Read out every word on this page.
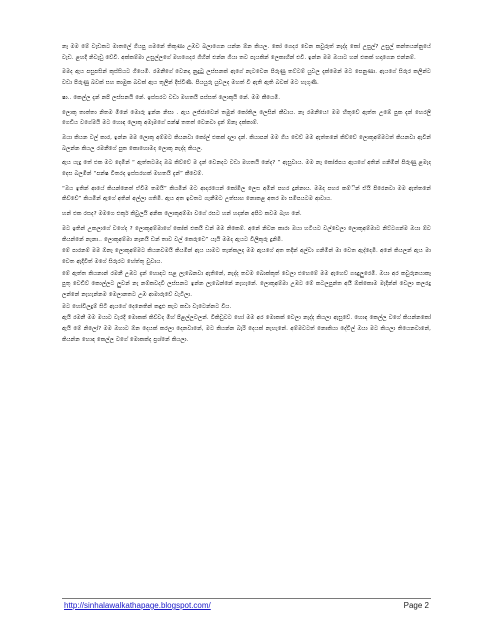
නෑ මම මේ වැඩකට මාතලේ ගියපු ගමනේ තිකුණා උඹව බලාගෙන යන්න ඕන කියල. කෝ ගෙදර වෙන කවුරුත් නැද්ද කෝ උසුල්? උසුල් කන්තයන්නුයේ වැඩ. ළහදී නිවැඩු වේවි. අක්කම්මා උසුල්ලගේ මහගෙදර ගිහින් එන්න ගියා තව පැයකින් ලෙකාහින් එවි. ඉන්න මම ඔයාට හන් එකක් හදාගෙන එන්නම්.

මමද ඇය පසුපසින් කුස්සියට ගියෙමි. රමනීගේ වෙනදා නුදුටු ලස්සනක් ඇගේ නැටවෙන පිරුණු තට්ටම් යුවල දැක්මෙන් මට පෙනුණා. ඇයගේ සිරුර කලින්ට වඩා පිරුණු බවක් සහ කාමුක බවක් ඇය තුලින් දිස්විණි. පියයුරු යුවලද මහත් වී ඇති ඇති බවක් මට හැගුණි.

ෂා.. කෙල්ල දැන් නපි ලස්සනයි නේ. ඉස්සරට වඩා මහතයි පස්සත් ලොකුයි නේ. මම කීයෙමි.

ලොකු තාත්තා නිතම මිනේ මොරු ඉන්න නිසා . ඇය ලජ්ජාවෙන් තමුන් කෝතිල ලෙසින් කීවාය. නෑ රමනීයෙ! මම හිතුවේ ඇත්ත උඹේ පුක දැන් හෙරලි ගෙඩිය වගේමයි මට හොඳ ලොකු අමෑමගේ පන්ෂ් තතත් වෙනවා දැන් ඕනෑ දක්කාම්.

ඔයා කියන වල් කාර, ඉන්න මම ලොකු අම්මට කියනවා කෝල් එකක් දාලා දැන්. කියාපන් මම ගිය චෙච් මම ඇත්තනේ කිව්වේ ලොකුඅම්මටත් කියනවා ඇවින් බලන්න කියල රමනීගේ පුක කොහොමද ලොකු නැද්ද කියල.

ඇය යැදු තේ එක මට දෙමින් “ ඇත්තටමද ඔබ කිව්වේ ම දැන් වෙනදට වඩා මහතයි නේද? ” ඇසුවාය. මම නෑ කෝජ්පය ඇයගේ අතින් ගනිමින් පිරුණු ළමැද දෙස බලමින් “පන්ෂ විතරද ඉස්සරහක් මහතයි දැන්” කීවෙම්.

“ඔය ඉතින් ආයේ කියන්නෙත් ඒවිම තමයි” කියමින් මට ආදරයෙන් කෝමිල ලෙස අමින් පහර දුන්නාය. මමද පහර කම්ින් ඒයි පිරෙනවා මම ඇත්තනේ කිව්වේ” කියමින් ඇගේ අතින් අල්ලා ගතිමි. ඇය අත ඉවතට ගැනීමට උත්සාහ නොකළ අතර මා සමීපයටම ආවාය.

හන් එක රසද? මමගෙ එකුර් කිවුලයි අනික ලොකුඅම්මා වගේ රසට හන් හදන්න අපිට කවම බැහ නේ.

මට ඉතින් උකලාගේ වගේද ? ලොකුඅම්මාගේ කෝක් එකයි ඩන් මම නිකෙම්. අනේ නිවන කාරා ඔයා හටියට වල්වෙලා ලොකුඅම්මාට නිට්ටගන්ම ඔයා ඕව කියන්නේ නැනා.. ලොකුඅම්මා නෑනයි ඩන් තාව වල් කෙරුවෙ” යැයි මමද ඇයට විලිකුරු දුනිමි.

මේ පාරනම් මම ඕනෑ ලොකුඅම්මට කියනවමයි කියමින් ඇය යාමට තැන්කලද මම ඇයගේ අත තදින් අල්වා ගනිමින් මා වෙත ඇද්දෙමි. අනේ කියලන් ඇය මා වෙත ඇදිවීත් මගේ සිරුරට හේත්තු වුවාය.

මේ ඇත්ත කියනාන් රමනී උඹට දැන් හොඳට සළ ලැබෙනවා ඇතිනේ, නැද්ද තවම බොක්කුත් වෙලා එහෙමේ මම ඇහෙව් ගඥුලුරෙමි. ඔයා අර කවුරුනයාකෑ පුතු වෙඩිව් කොල්ලට ලුවන් නැ නම්කවදවී ලස්සනට ඉන්න ලැබෙන්නේ නැහැනේ. ලොකුඅම්මා උඹට මේ කටලපුන්ත අයී ඕක්කොම මැදින්න් වෙලා කලරදු ලන්නේ නැහැන්නම මෙලානතට උඹ ආමාරුවේ වැටිලා.

මට හෝවිලදුම් සිටි ඇයගේ දෙනෙතින් කඳුළු කැට කඩා වැටෙන්නට විය.

ඇයි රමනී මම මයාට වැරදි මොකක් කිව්වද මිහ් පිළල්ලවලන්. විකිඩුවට හෝ මම අර මොකක් වෙලා නැද්ද කියලා ඇසුවේ. හොඳ කෙල්ල වගේ කියන්නකෝ ඇයි මේ නිලෝ? මම ඔහාට ඕන දෙයක් කරලා දෙනවානේ, මට කියන්න බැරි දෙයක් නැහැනේ. අම්මවටත් නොකියා දේවිල් ඔයා මට කියලා තියෙනවානේ, කියන්න හොඳ කෙල්ල වගේ මොකක්ද ප්‍රශ්නේ කියලා.

http://sinhalawalkathapage.blogspot.com/	Page 2
